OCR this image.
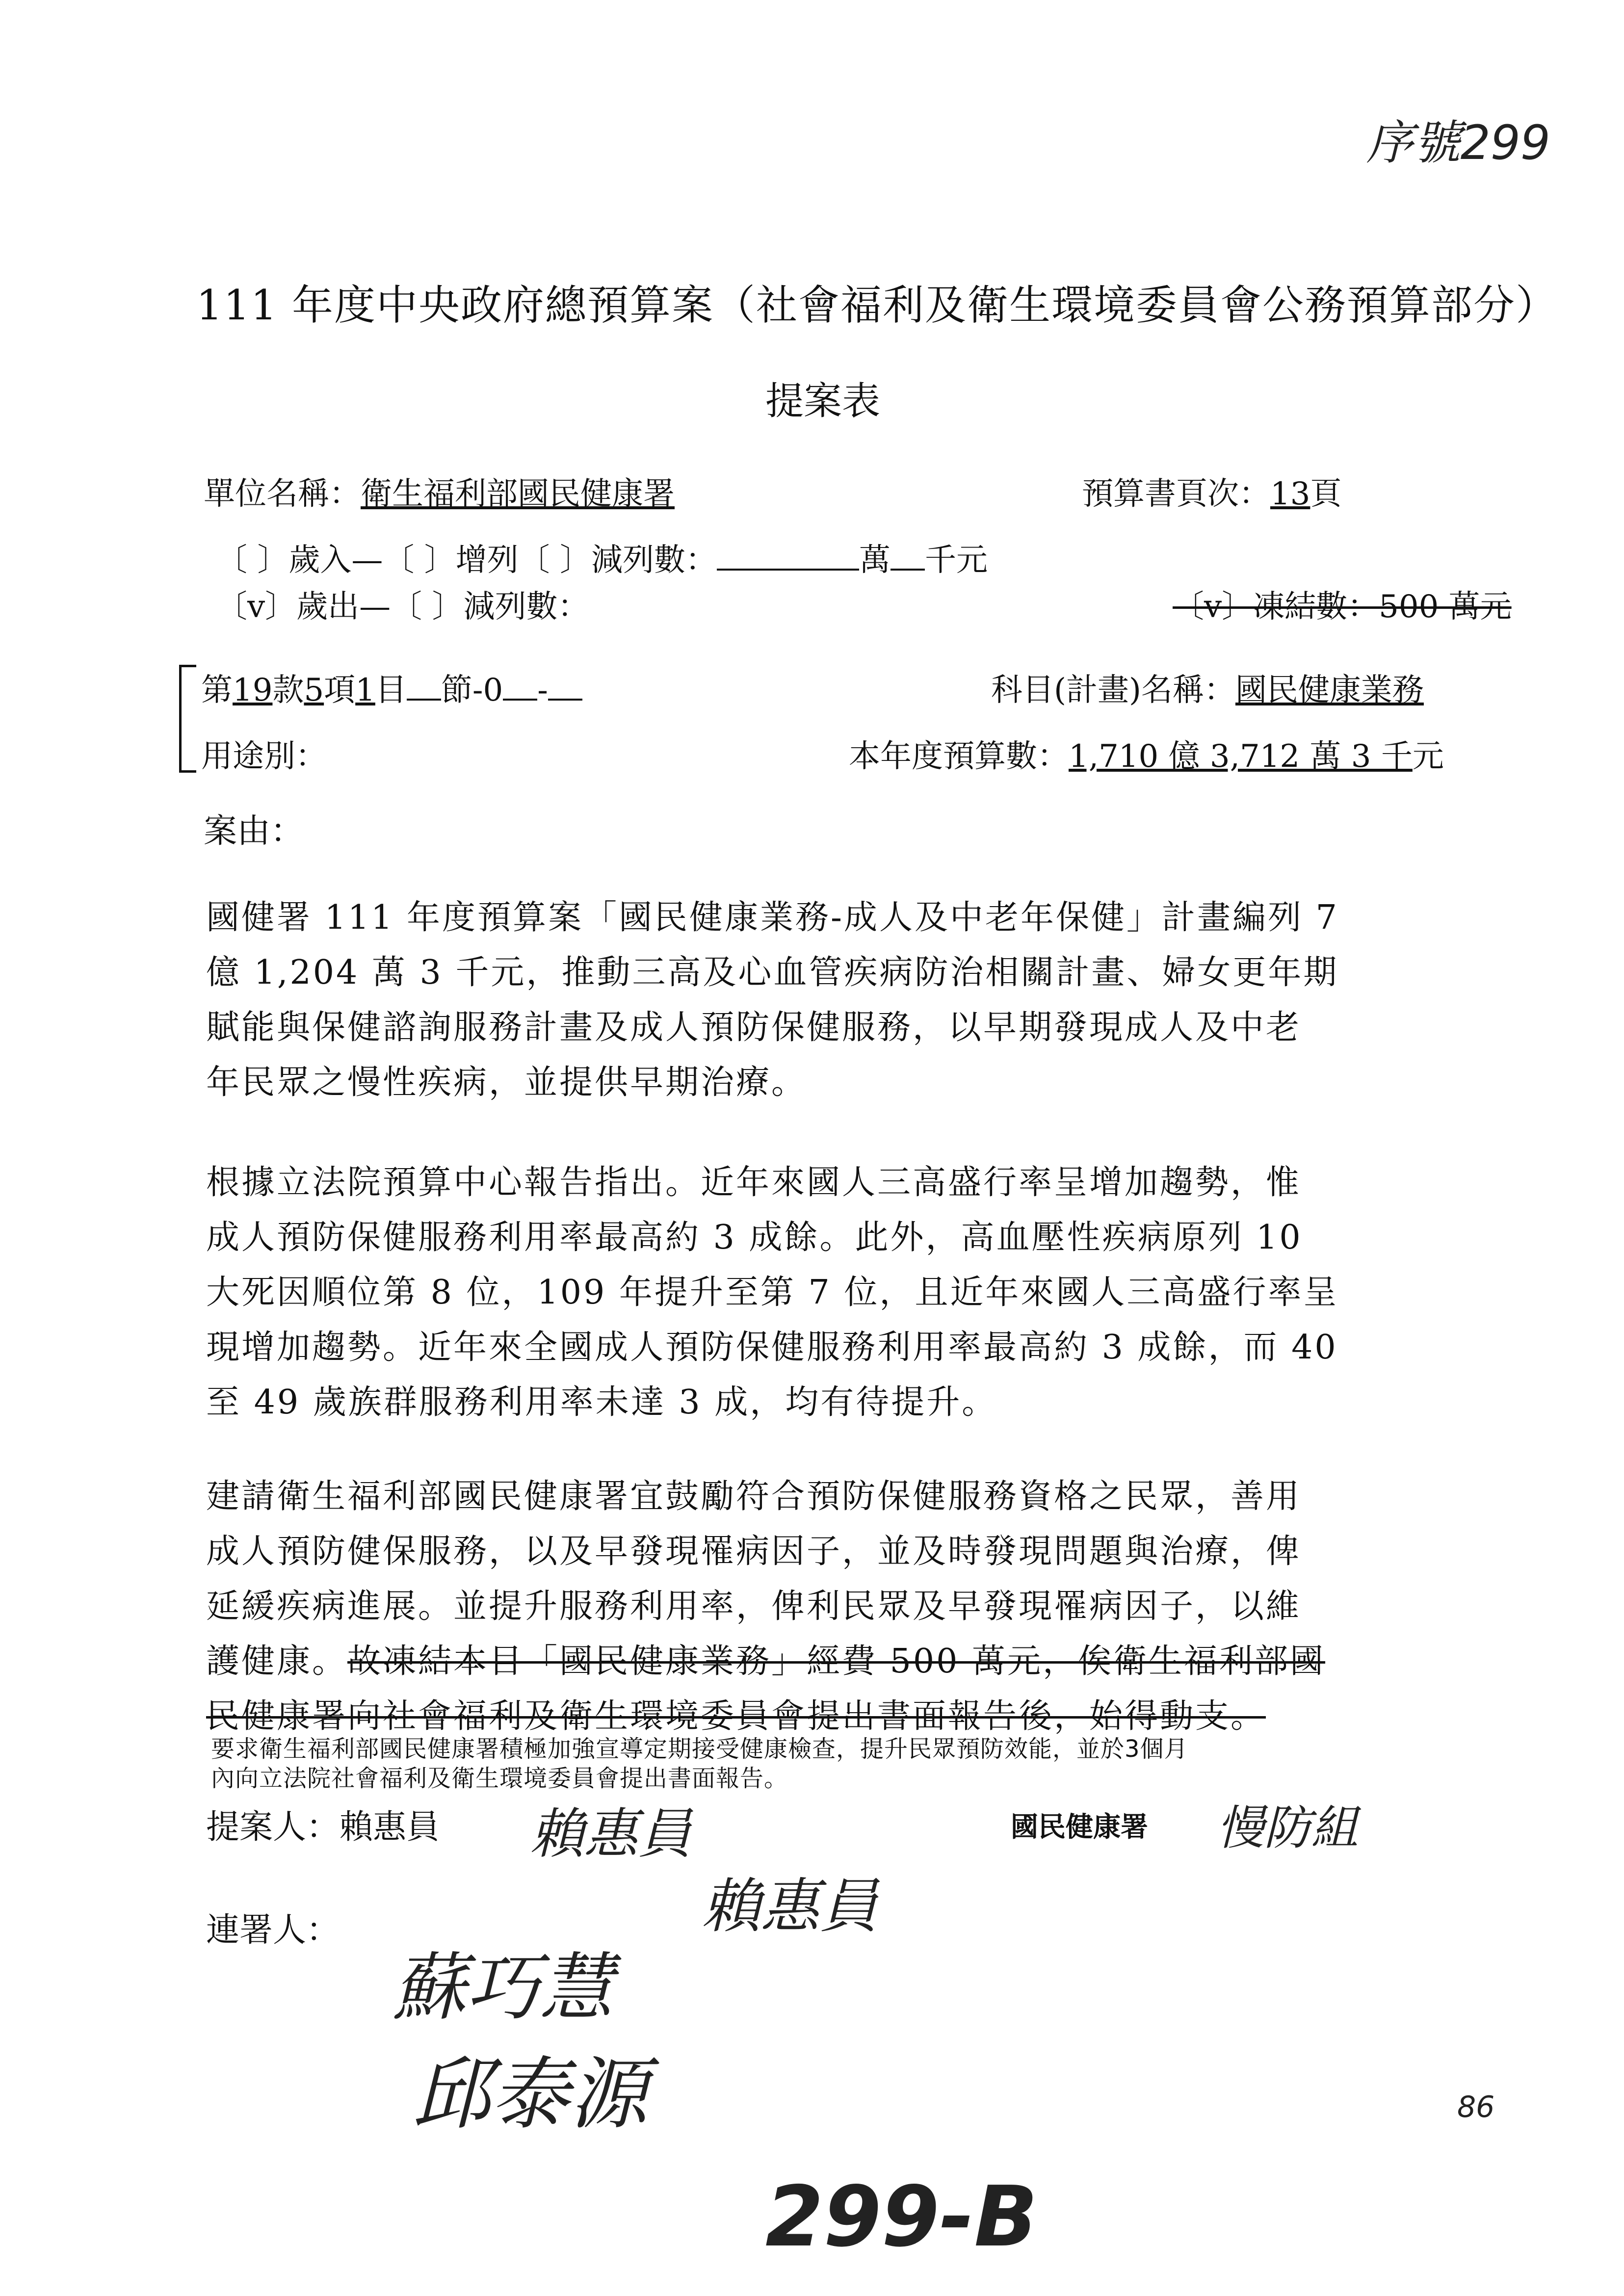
序號299
111 年度中央政府總預算案（社會福利及衛生環境委員會公務預算部分）
提案表
單位名稱：衛生福利部國民健康署	預算書頁次：13頁
〔 〕歲入—〔 〕增列〔 〕減列數：	萬 千元
〔v〕歲出—〔 〕減列數：	〔v〕凍結數：500 萬元
第19款5項1目 節-0 -	科目(計畫)名稱：國民健康業務
用途別：	本年度預算數：1,710 億 3,712 萬 3 千元
案由：
國健署 111 年度預算案「國民健康業務-成人及中老年保健」計畫編列 7
億 1,204 萬 3 千元，推動三高及心血管疾病防治相關計畫、婦女更年期
賦能與保健諮詢服務計畫及成人預防保健服務，以早期發現成人及中老
年民眾之慢性疾病，並提供早期治療。
根據立法院預算中心報告指出。近年來國人三高盛行率呈增加趨勢，惟
成人預防保健服務利用率最高約 3 成餘。此外，高血壓性疾病原列 10
大死因順位第 8 位，109 年提升至第 7 位，且近年來國人三高盛行率呈
現增加趨勢。近年來全國成人預防保健服務利用率最高約 3 成餘，而 40
至 49 歲族群服務利用率未達 3 成，均有待提升。
建請衛生福利部國民健康署宜鼓勵符合預防保健服務資格之民眾，善用
成人預防健保服務，以及早發現罹病因子，並及時發現問題與治療，俾
延緩疾病進展。並提升服務利用率，俾利民眾及早發現罹病因子，以維
護健康。故凍結本目「國民健康業務」經費 500 萬元，俟衛生福利部國
民健康署向社會福利及衛生環境委員會提出書面報告後，始得動支。
要求衛生福利部國民健康署積極加強宣導定期接受健康檢查，提升民眾預防效能，並於3個月
內向立法院社會福利及衛生環境委員會提出書面報告。
提案人：賴惠員 賴惠員	國民健康署 慢防組
連署人：	賴惠員
蘇巧慧
邱泰源
299-B
86
